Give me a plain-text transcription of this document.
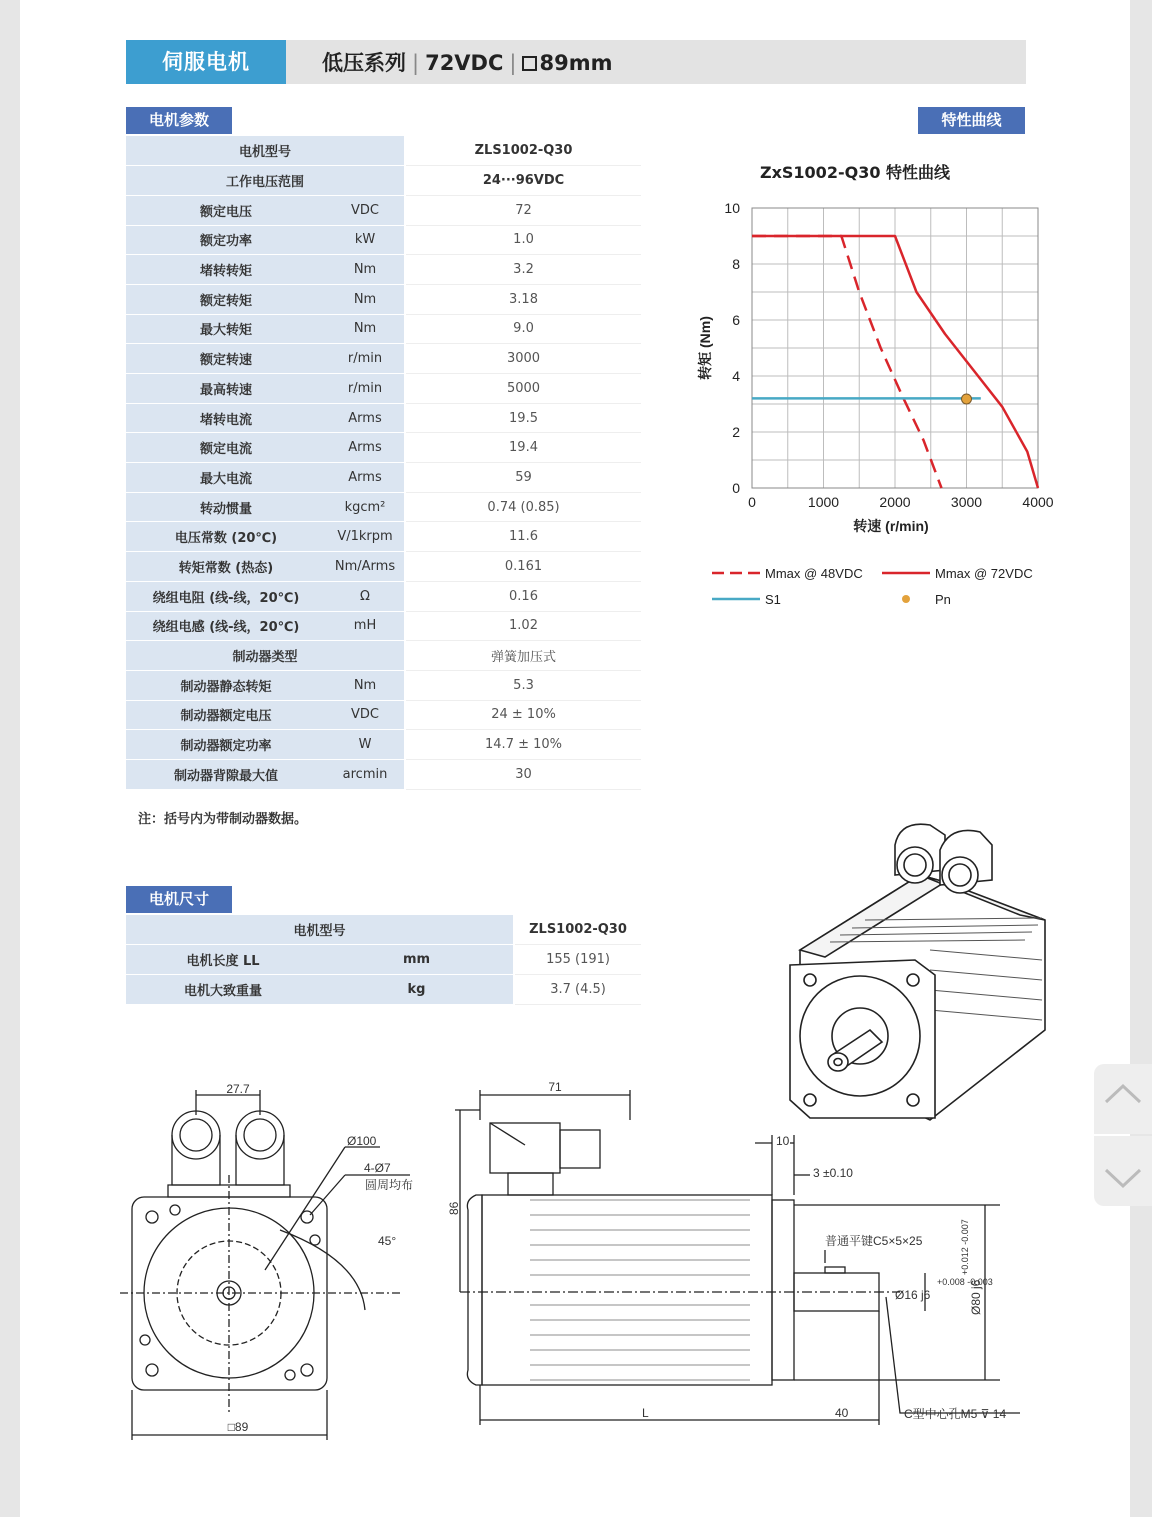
伺服电机	低压系列 | 72VDC | 89mm
电机参数	特性曲线
电机型号		ZLS1002-Q30
工作电压范围		24···96VDC
额定电压	VDC	72
额定功率	kW	1.0
堵转转矩	Nm	3.2
额定转矩	Nm	3.18
最大转矩	Nm	9.0
额定转速	r/min	3000
最高转速	r/min	5000
堵转电流	Arms	19.5
额定电流	Arms	19.4
最大电流	Arms	59
转动惯量	kgcm²	0.74 (0.85)
电压常数 (20℃)	V/1krpm	11.6
转矩常数 (热态)	Nm/Arms	0.161
绕组电阻 (线-线，20℃)	Ω	0.16
绕组电感 (线-线，20℃)	mH	1.02
制动器类型		弹簧加压式
制动器静态转矩	Nm	5.3
制动器额定电压	VDC	24 ± 10%
制动器额定功率	W	14.7 ± 10%
制动器背隙最大值	arcmin	30
注：括号内为带制动器数据。
ZxS1002-Q30 特性曲线
0	1000	2000	3000	4000
0
2
4
6
8
10
转速 (r/min)
转矩 (Nm)
Mmax @ 48VDC	Mmax @ 72VDC
S1	Pn
电机尺寸
电机型号		ZLS1002-Q30
电机长度 LL	mm	155 (191)
电机大致重量	kg	3.7 (4.5)
27.7
Ø100
4-Ø7
圆周均布
45°
□89
71
10
3 ±0.10
86
普通平键C5×5×25
Ø16 j6
+0.008 -0.003
Ø80 j6
+0.012 -0.007
L	40	C型中心孔M5 ⊽ 14
